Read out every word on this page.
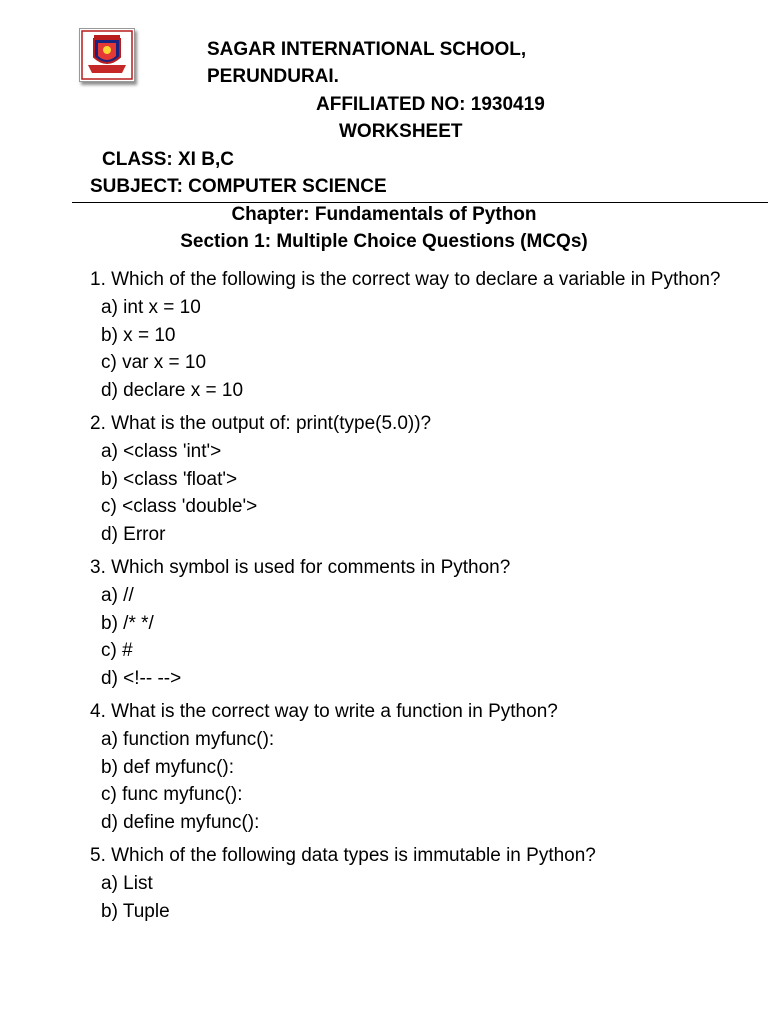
SAGAR INTERNATIONAL SCHOOL,
PERUNDURAI.
AFFILIATED NO: 1930419
WORKSHEET
CLASS: XI B,C
SUBJECT: COMPUTER SCIENCE
Chapter: Fundamentals of Python
Section 1: Multiple Choice Questions (MCQs)

1. Which of the following is the correct way to declare a variable in Python?

a) int x = 10

b) x = 10

c) var x = 10

d) declare x = 10

2. What is the output of: print(type(5.0))?

a) <class 'int'>

b) <class 'float'>

c) <class 'double'>

d) Error

3. Which symbol is used for comments in Python?

a) //

b) /* */

c) #

d) <!-- -->

4. What is the correct way to write a function in Python?

a) function myfunc():

b) def myfunc():

c) func myfunc():

d) define myfunc():

5. Which of the following data types is immutable in Python?

a) List

b) Tuple
